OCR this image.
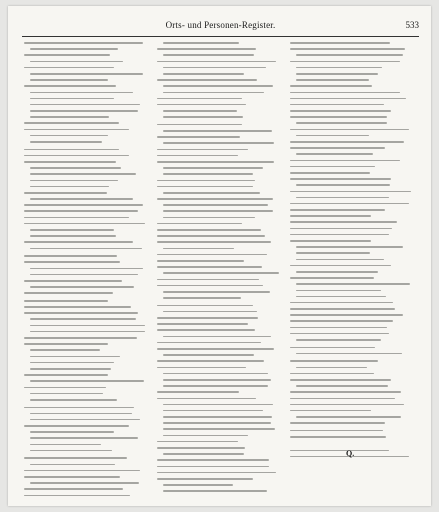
Orts- und Personen-Register.	533
Q.
